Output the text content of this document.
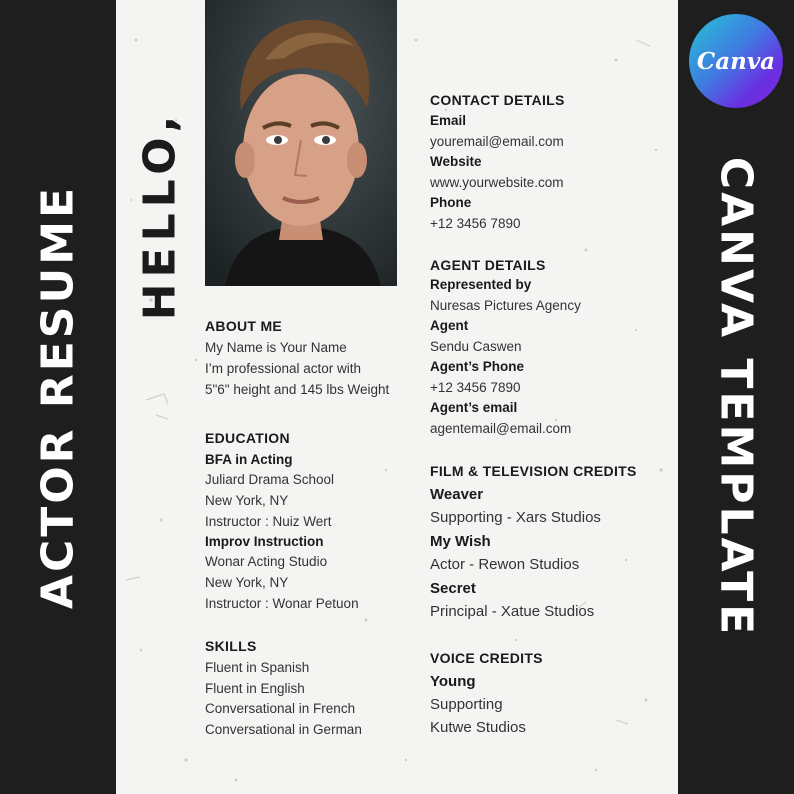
ACTOR RESUME	CANVA TEMPLATE
HELLO,
Canva
ABOUT ME
My Name is Your Name
I’m professional actor with
5"6" height and 145 lbs Weight
EDUCATION
BFA in Acting
Juliard Drama School
New York, NY
Instructor : Nuiz Wert
Improv Instruction
Wonar Acting Studio
New York, NY
Instructor : Wonar Petuon
SKILLS
Fluent in Spanish
Fluent in English
Conversational in French
Conversational in German
CONTACT DETAILS
Email
youremail@email.com
Website
www.yourwebsite.com
Phone
+12 3456 7890
AGENT DETAILS
Represented by
Nuresas Pictures Agency
Agent
Sendu Caswen
Agent’s Phone
+12 3456 7890
Agent’s email
agentemail@email.com
FILM & TELEVISION CREDITS
Weaver
Supporting - Xars Studios
My Wish
Actor - Rewon Studios
Secret
Principal - Xatue Studios
VOICE CREDITS
Young
Supporting
Kutwe Studios
